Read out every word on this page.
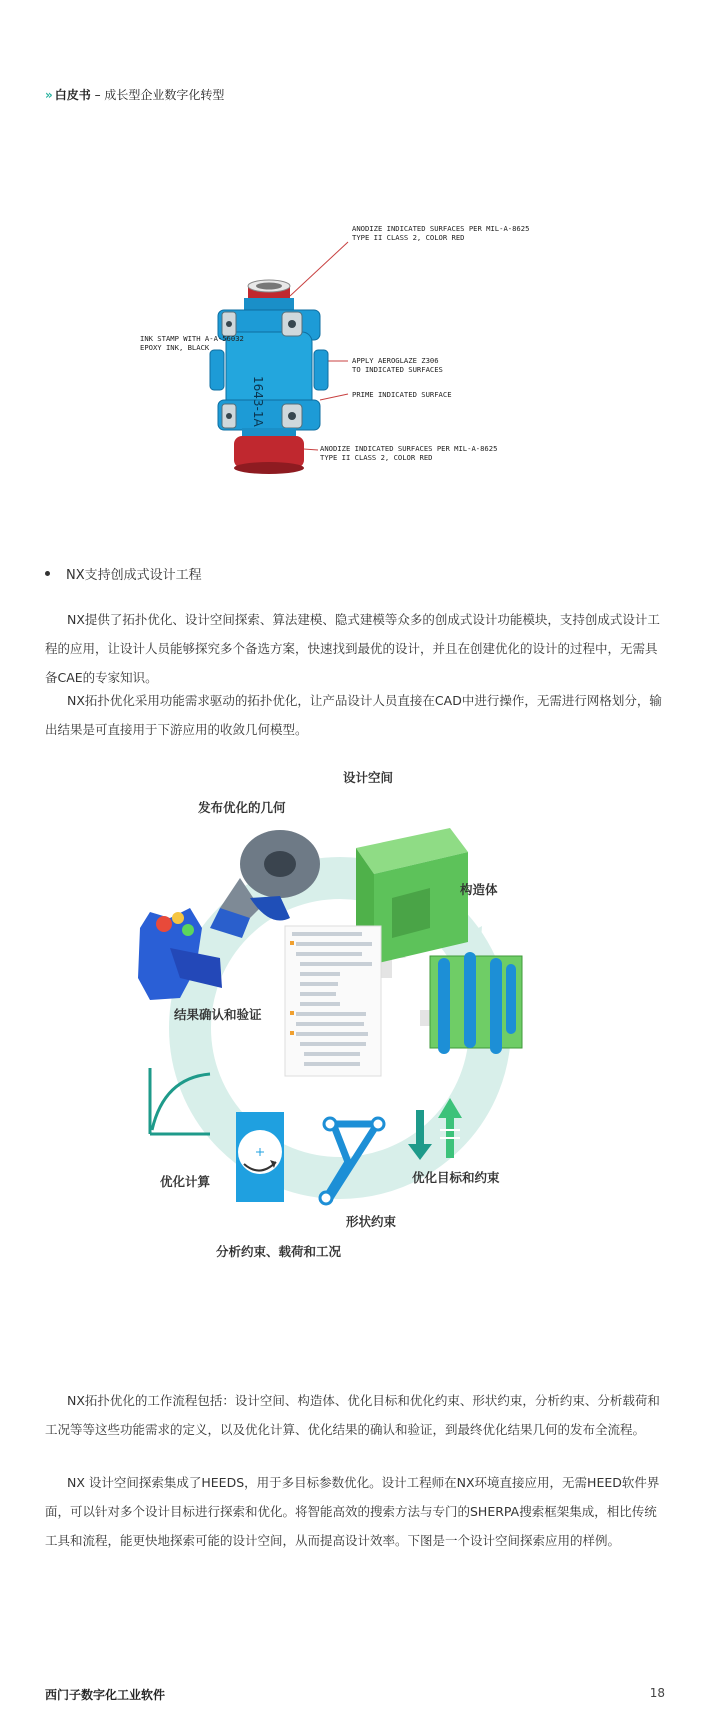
» 白皮书 – 成长型企业数字化转型
1643-1A
ANODIZE INDICATED SURFACES PER MIL-A-8625
TYPE II CLASS 2, COLOR RED
INK STAMP WITH A-A-56032
EPOXY INK, BLACK
APPLY AEROGLAZE Z306
TO INDICATED SURFACES
PRIME INDICATED SURFACE
ANODIZE INDICATED SURFACES PER MIL-A-8625
TYPE II CLASS 2, COLOR RED
NX支持创成式设计工程
NX提供了拓扑优化、设计空间探索、算法建模、隐式建模等众多的创成式设计功能模块，支持创成式设计工程的应用，让设计人员能够探究多个备选方案，快速找到最优的设计，并且在创建优化的设计的过程中，无需具备CAE的专家知识。
NX拓扑优化采用功能需求驱动的拓扑优化，让产品设计人员直接在CAD中进行操作，无需进行网格划分，输出结果是可直接用于下游应用的收敛几何模型。
设计空间
发布优化的几何
构造体
结果确认和验证
优化目标和约束
优化计算
形状约束
分析约束、载荷和工况
NX拓扑优化的工作流程包括：设计空间、构造体、优化目标和优化约束、形状约束，分析约束、分析载荷和工况等等这些功能需求的定义，以及优化计算、优化结果的确认和验证，到最终优化结果几何的发布全流程。
NX 设计空间探索集成了HEEDS，用于多目标参数优化。设计工程师在NX环境直接应用，无需HEED软件界面，可以针对多个设计目标进行探索和优化。将智能高效的搜索方法与专门的SHERPA搜索框架集成，相比传统工具和流程，能更快地探索可能的设计空间，从而提高设计效率。下图是一个设计空间探索应用的样例。
西门子数字化工业软件	18
